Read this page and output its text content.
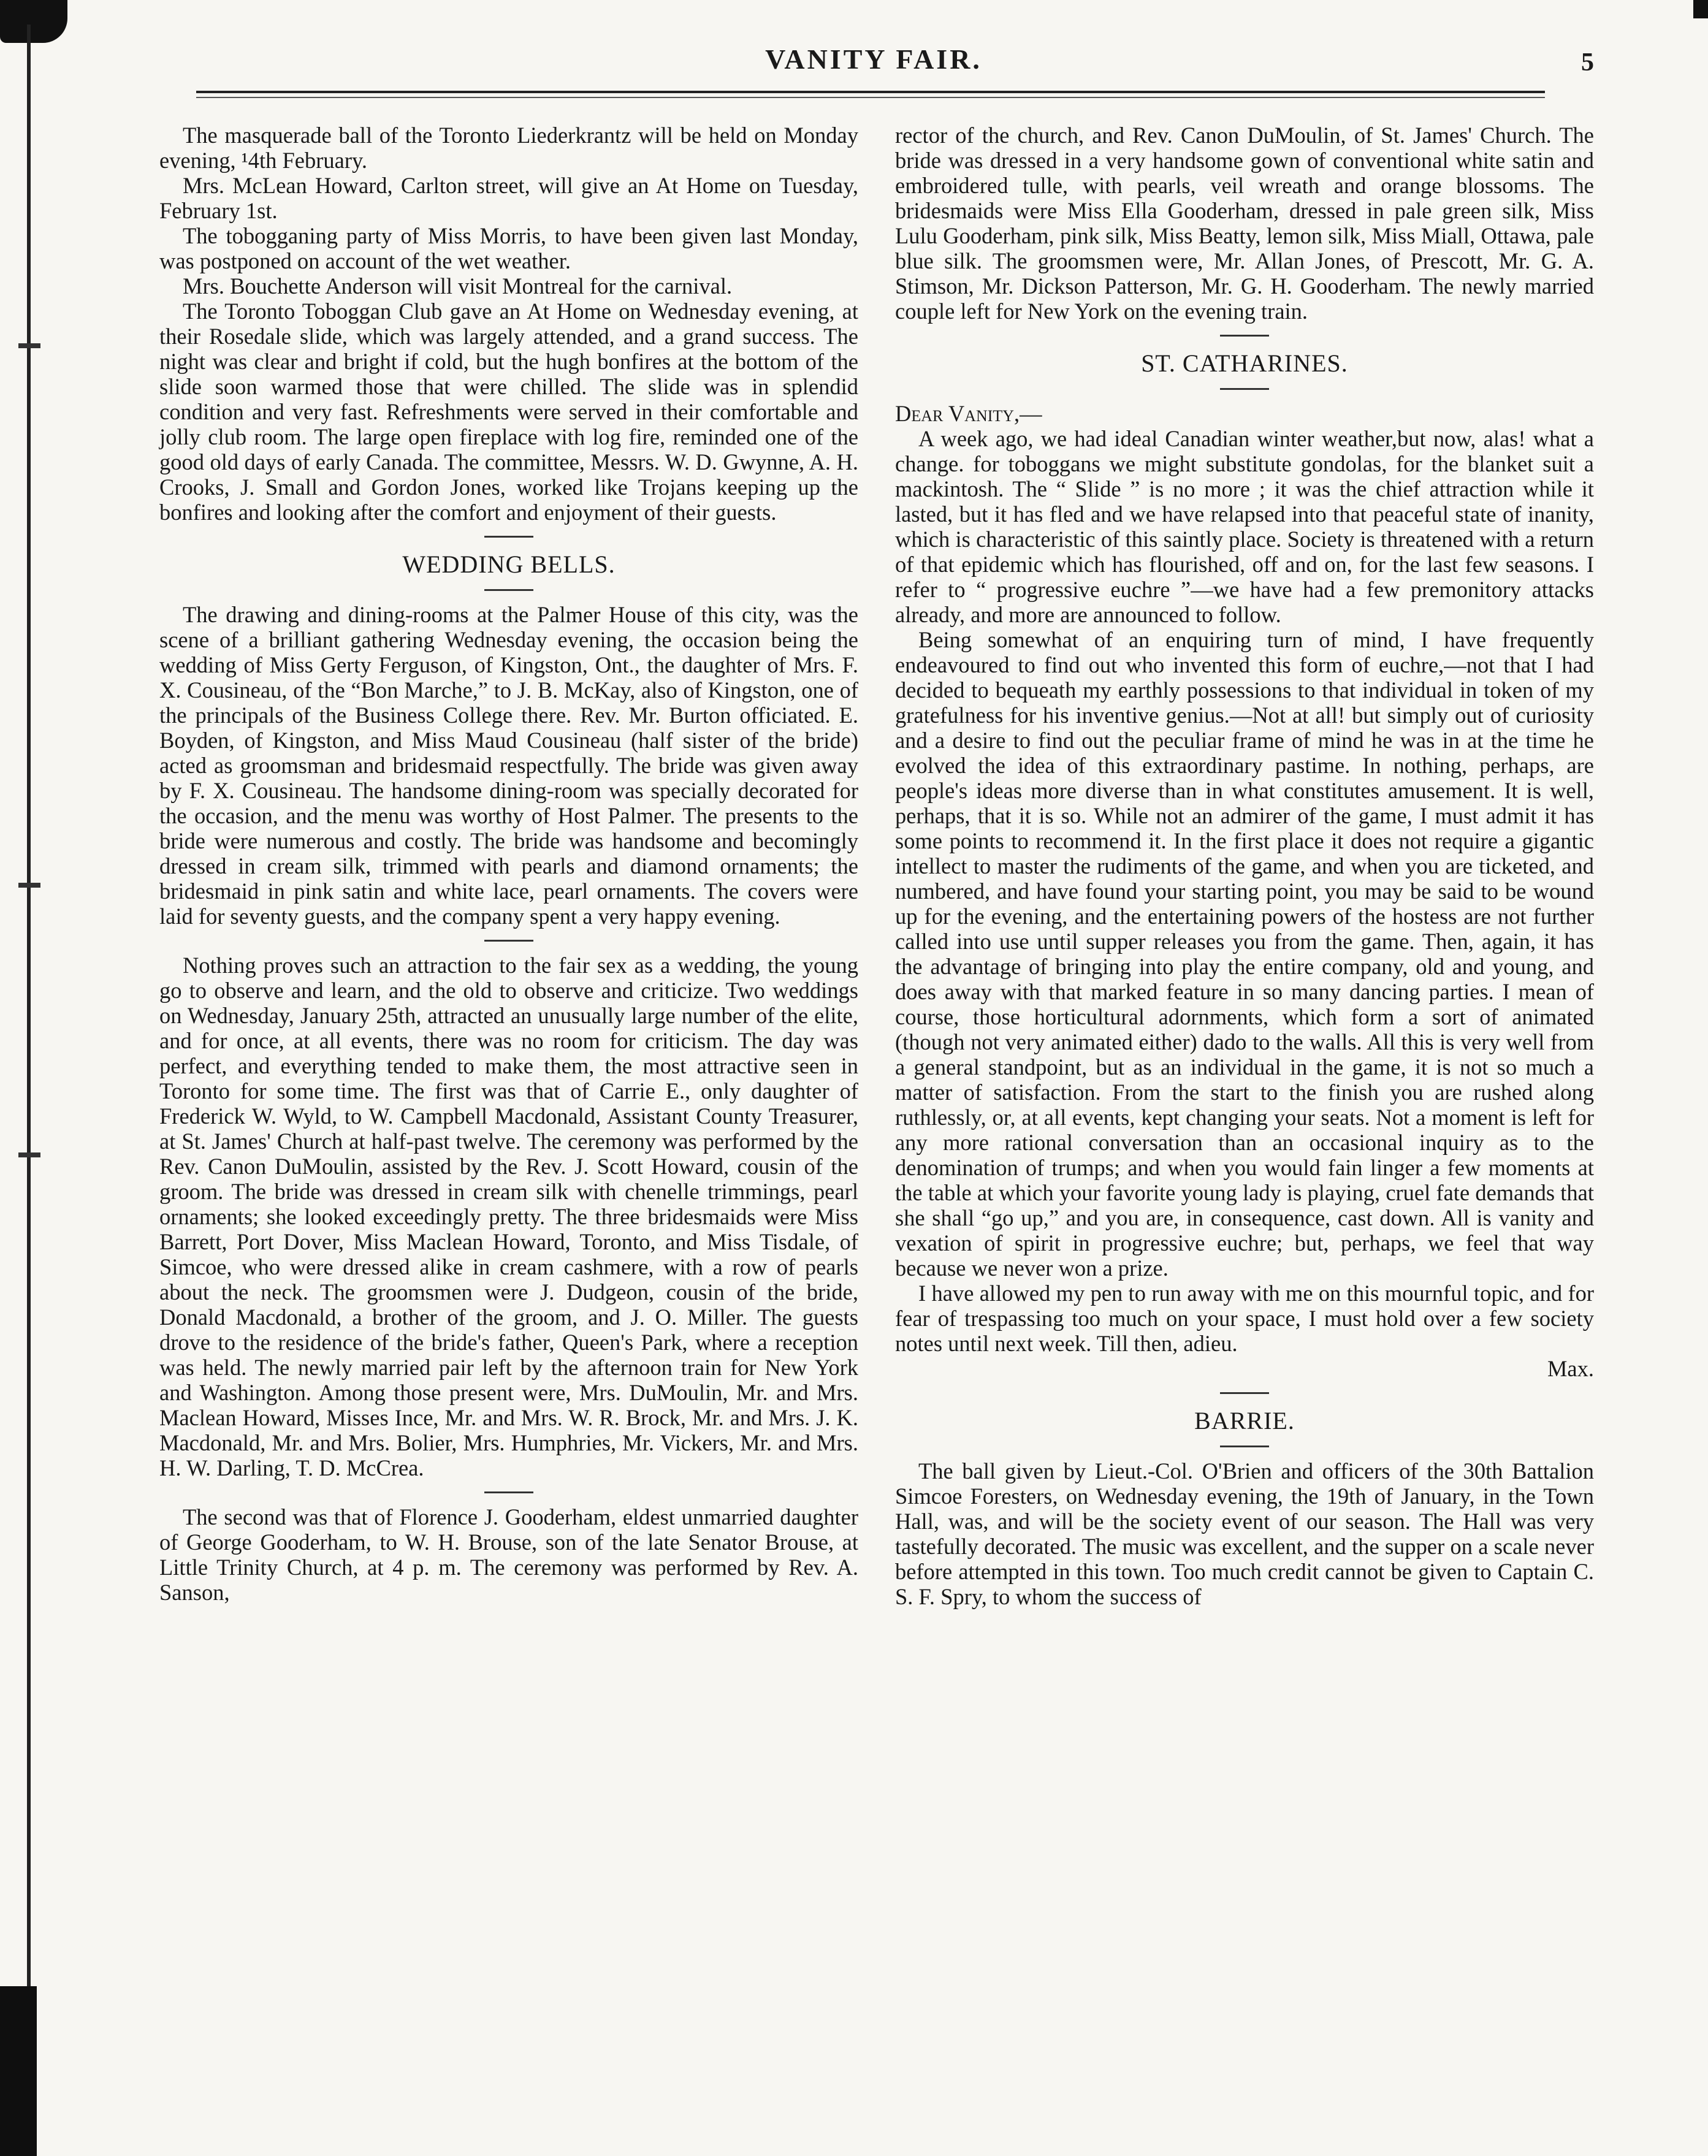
VANITY FAIR.	5

The masquerade ball of the Toronto Liederkrantz will be held on Monday evening, ¹4th February.

Mrs. McLean Howard, Carlton street, will give an At Home on Tuesday, February 1st.

The tobogganing party of Miss Morris, to have been given last Monday, was postponed on account of the wet weather.

Mrs. Bouchette Anderson will visit Montreal for the carnival.

The Toronto Toboggan Club gave an At Home on Wednesday evening, at their Rosedale slide, which was largely attended, and a grand success. The night was clear and bright if cold, but the hugh bonfires at the bottom of the slide soon warmed those that were chilled. The slide was in splendid condition and very fast. Refreshments were served in their comfortable and jolly club room. The large open fireplace with log fire, reminded one of the good old days of early Canada. The committee, Messrs. W. D. Gwynne, A. H. Crooks, J. Small and Gordon Jones, worked like Trojans keeping up the bonfires and looking after the comfort and enjoyment of their guests.

WEDDING BELLS.

The drawing and dining-rooms at the Palmer House of this city, was the scene of a brilliant gathering Wednesday evening, the occasion being the wedding of Miss Gerty Ferguson, of Kingston, Ont., the daughter of Mrs. F. X. Cousineau, of the “Bon Marche,” to J. B. McKay, also of Kingston, one of the principals of the Business College there. Rev. Mr. Burton officiated. E. Boyden, of Kingston, and Miss Maud Cousineau (half sister of the bride) acted as groomsman and bridesmaid respectfully. The bride was given away by F. X. Cousineau. The handsome dining-room was specially decorated for the occasion, and the menu was worthy of Host Palmer. The presents to the bride were numerous and costly. The bride was handsome and becomingly dressed in cream silk, trimmed with pearls and diamond ornaments; the bridesmaid in pink satin and white lace, pearl ornaments. The covers were laid for seventy guests, and the company spent a very happy evening.

Nothing proves such an attraction to the fair sex as a wedding, the young go to observe and learn, and the old to observe and criticize. Two weddings on Wednesday, January 25th, attracted an unusually large number of the elite, and for once, at all events, there was no room for criticism. The day was perfect, and everything tended to make them, the most attractive seen in Toronto for some time. The first was that of Carrie E., only daughter of Frederick W. Wyld, to W. Campbell Macdonald, Assistant County Treasurer, at St. James' Church at half-past twelve. The ceremony was performed by the Rev. Canon DuMoulin, assisted by the Rev. J. Scott Howard, cousin of the groom. The bride was dressed in cream silk with chenelle trimmings, pearl ornaments; she looked exceedingly pretty. The three bridesmaids were Miss Barrett, Port Dover, Miss Maclean Howard, Toronto, and Miss Tisdale, of Simcoe, who were dressed alike in cream cashmere, with a row of pearls about the neck. The groomsmen were J. Dudgeon, cousin of the bride, Donald Macdonald, a brother of the groom, and J. O. Miller. The guests drove to the residence of the bride's father, Queen's Park, where a reception was held. The newly married pair left by the afternoon train for New York and Washington. Among those present were, Mrs. DuMoulin, Mr. and Mrs. Maclean Howard, Misses Ince, Mr. and Mrs. W. R. Brock, Mr. and Mrs. J. K. Macdonald, Mr. and Mrs. Bolier, Mrs. Humphries, Mr. Vickers, Mr. and Mrs. H. W. Darling, T. D. McCrea.

The second was that of Florence J. Gooderham, eldest unmarried daughter of George Gooderham, to W. H. Brouse, son of the late Senator Brouse, at Little Trinity Church, at 4 p. m. The ceremony was performed by Rev. A. Sanson,

rector of the church, and Rev. Canon DuMoulin, of St. James' Church. The bride was dressed in a very handsome gown of conventional white satin and embroidered tulle, with pearls, veil wreath and orange blossoms. The bridesmaids were Miss Ella Gooderham, dressed in pale green silk, Miss Lulu Gooderham, pink silk, Miss Beatty, lemon silk, Miss Miall, Ottawa, pale blue silk. The groomsmen were, Mr. Allan Jones, of Prescott, Mr. G. A. Stimson, Mr. Dickson Patterson, Mr. G. H. Gooderham. The newly married couple left for New York on the evening train.

ST. CATHARINES.

Dear Vanity,—

A week ago, we had ideal Canadian winter weather,but now, alas! what a change. for toboggans we might substitute gondolas, for the blanket suit a mackintosh. The “ Slide ” is no more ; it was the chief attraction while it lasted, but it has fled and we have relapsed into that peaceful state of inanity, which is characteristic of this saintly place. Society is threatened with a return of that epidemic which has flourished, off and on, for the last few seasons. I refer to “ progressive euchre ”—we have had a few premonitory attacks already, and more are announced to follow.

Being somewhat of an enquiring turn of mind, I have frequently endeavoured to find out who invented this form of euchre,—not that I had decided to bequeath my earthly possessions to that individual in token of my gratefulness for his inventive genius.—Not at all! but simply out of curiosity and a desire to find out the peculiar frame of mind he was in at the time he evolved the idea of this extraordinary pastime. In nothing, perhaps, are people's ideas more diverse than in what constitutes amusement. It is well, perhaps, that it is so. While not an admirer of the game, I must admit it has some points to recommend it. In the first place it does not require a gigantic intellect to master the rudiments of the game, and when you are ticketed, and numbered, and have found your starting point, you may be said to be wound up for the evening, and the entertaining powers of the hostess are not further called into use until supper releases you from the game. Then, again, it has the advantage of bringing into play the entire company, old and young, and does away with that marked feature in so many dancing parties. I mean of course, those horticultural adornments, which form a sort of animated (though not very animated either) dado to the walls. All this is very well from a general standpoint, but as an individual in the game, it is not so much a matter of satisfaction. From the start to the finish you are rushed along ruthlessly, or, at all events, kept changing your seats. Not a moment is left for any more rational conversation than an occasional inquiry as to the denomination of trumps; and when you would fain linger a few moments at the table at which your favorite young lady is playing, cruel fate demands that she shall “go up,” and you are, in consequence, cast down. All is vanity and vexation of spirit in progressive euchre; but, perhaps, we feel that way because we never won a prize.

I have allowed my pen to run away with me on this mournful topic, and for fear of trespassing too much on your space, I must hold over a few society notes until next week. Till then, adieu.

Max.

BARRIE.

The ball given by Lieut.-Col. O'Brien and officers of the 30th Battalion Simcoe Foresters, on Wednesday evening, the 19th of January, in the Town Hall, was, and will be the society event of our season. The Hall was very tastefully decorated. The music was excellent, and the supper on a scale never before attempted in this town. Too much credit cannot be given to Captain C. S. F. Spry, to whom the success of
